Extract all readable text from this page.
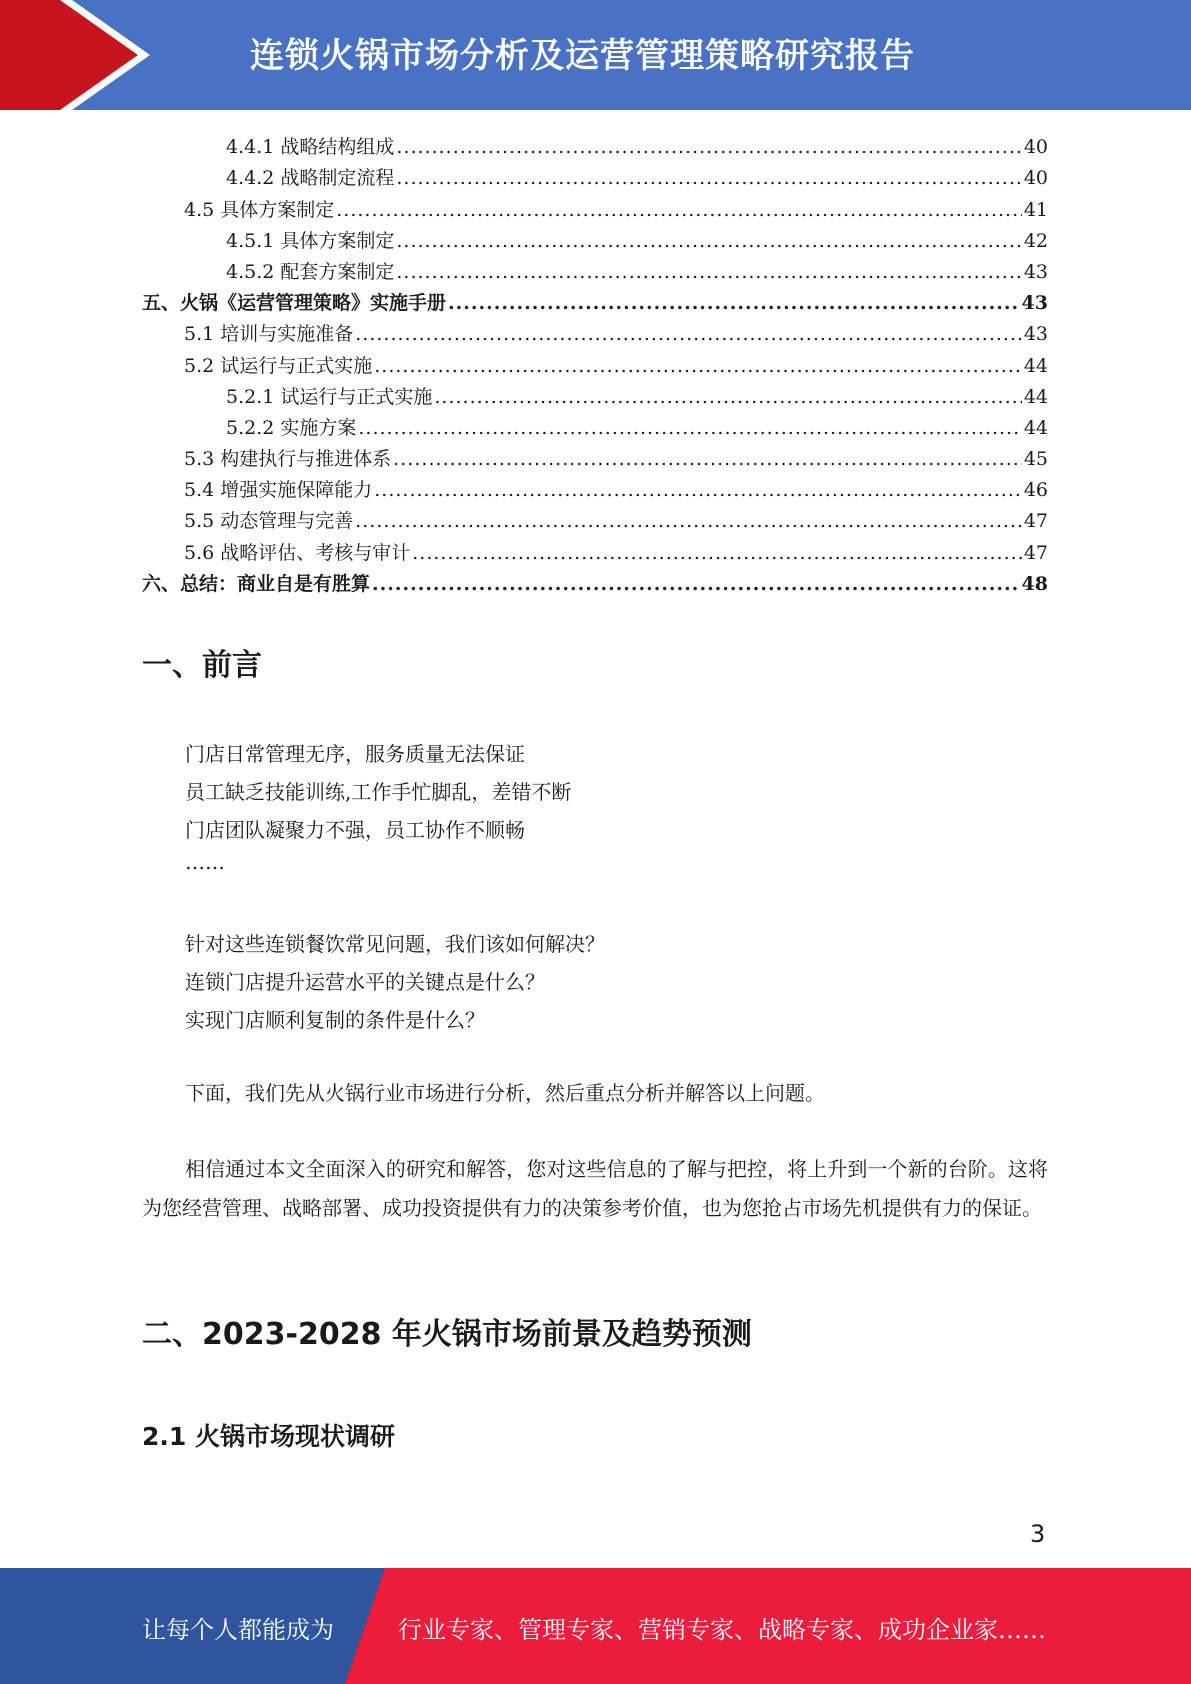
连锁火锅市场分析及运营管理策略研究报告
4.4.1 战略结构组成 .....	40
4.4.2 战略制定流程 .....	40
4.5 具体方案制定 .....	41
4.5.1 具体方案制定 .....	42
4.5.2 配套方案制定 .....	43
五、火锅《运营管理策略》实施手册 .....	43
5.1 培训与实施准备 .....	43
5.2 试运行与正式实施 .....	44
5.2.1 试运行与正式实施 .....	44
5.2.2 实施方案 .....	44
5.3 构建执行与推进体系 .....	45
5.4 增强实施保障能力 .....	46
5.5 动态管理与完善 .....	47
5.6 战略评估、考核与审计 .....	47
六、总结：商业自是有胜算 .....	48
一、前言
门店日常管理无序，服务质量无法保证
员工缺乏技能训练,工作手忙脚乱，差错不断
门店团队凝聚力不强，员工协作不顺畅
……
针对这些连锁餐饮常见问题，我们该如何解决？
连锁门店提升运营水平的关键点是什么？
实现门店顺利复制的条件是什么？
下面，我们先从火锅行业市场进行分析，然后重点分析并解答以上问题。
相信通过本文全面深入的研究和解答，您对这些信息的了解与把控，将上升到一个新的台阶。这将为您经营管理、战略部署、成功投资提供有力的决策参考价值，也为您抢占市场先机提供有力的保证。
二、2023-2028 年火锅市场前景及趋势预测
2.1 火锅市场现状调研
3
让每个人都能成为	行业专家、管理专家、营销专家、战略专家、成功企业家……
